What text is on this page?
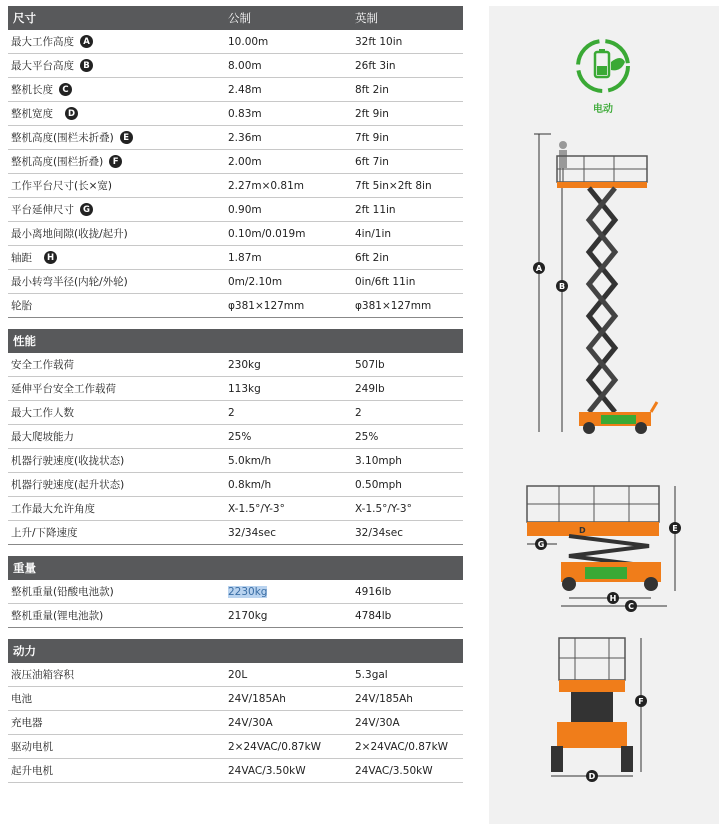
尺寸	公制	英制
最大工作高度	A	10.00m	32ft 10in
最大平台高度	B	8.00m	26ft 3in
整机长度	C	2.48m	8ft 2in
整机宽度	D	0.83m	2ft 9in
整机高度(围栏未折叠)	E	2.36m	7ft 9in
整机高度(围栏折叠)	F	2.00m	6ft 7in
工作平台尺寸(长×宽)	2.27m×0.81m	7ft 5in×2ft 8in
平台延伸尺寸	G	0.90m	2ft 11in
最小离地间隙(收拢/起升)	0.10m/0.019m	4in/1in
轴距	H	1.87m	6ft 2in
最小转弯半径(内轮/外轮)	0m/2.10m	0in/6ft 11in
轮胎	φ381×127mm	φ381×127mm
性能
安全工作载荷	230kg	507lb
延伸平台安全工作载荷	113kg	249lb
最大工作人数	2	2
最大爬坡能力	25%	25%
机器行驶速度(收拢状态)	5.0km/h	3.10mph
机器行驶速度(起升状态)	0.8km/h	0.50mph
工作最大允许角度	X-1.5°/Y-3°	X-1.5°/Y-3°
上升/下降速度	32/34sec	32/34sec
重量
整机重量(铅酸电池款)	2230kg	4916lb
整机重量(锂电池款)	2170kg	4784lb
动力
液压油箱容积	20L	5.3gal
电池	24V/185Ah	24V/185Ah
充电器	24V/30A	24V/30A
驱动电机	2×24VAC/0.87kW	2×24VAC/0.87kW
起升电机	24VAC/3.50kW	24VAC/3.50kW
电动
A
B
D
G
E
H
C
F
D
